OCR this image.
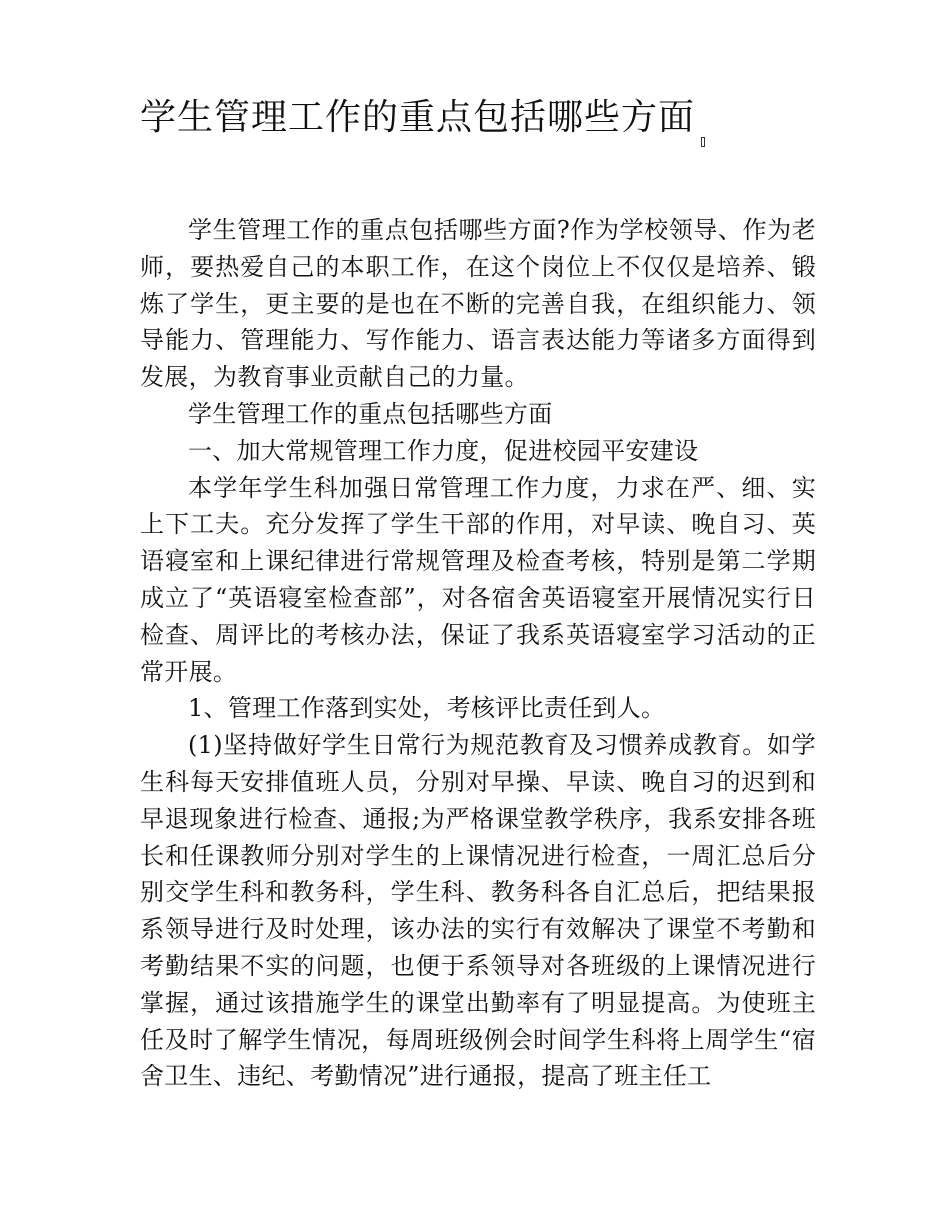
学生管理工作的重点包括哪些方面

学生管理工作的重点包括哪些方面?作为学校领导、作为老师，要热爱自己的本职工作，在这个岗位上不仅仅是培养、锻炼了学生，更主要的是也在不断的完善自我，在组织能力、领导能力、管理能力、写作能力、语言表达能力等诸多方面得到发展，为教育事业贡献自己的力量。

学生管理工作的重点包括哪些方面

一、加大常规管理工作力度，促进校园平安建设

本学年学生科加强日常管理工作力度，力求在严、细、实上下工夫。充分发挥了学生干部的作用，对早读、晚自习、英语寝室和上课纪律进行常规管理及检查考核，特别是第二学期成立了“英语寝室检查部”，对各宿舍英语寝室开展情况实行日检查、周评比的考核办法，保证了我系英语寝室学习活动的正常开展。

1、管理工作落到实处，考核评比责任到人。

(1)坚持做好学生日常行为规范教育及习惯养成教育。如学生科每天安排值班人员，分别对早操、早读、晚自习的迟到和早退现象进行检查、通报;为严格课堂教学秩序，我系安排各班长和任课教师分别对学生的上课情况进行检查，一周汇总后分别交学生科和教务科，学生科、教务科各自汇总后，把结果报系领导进行及时处理，该办法的实行有效解决了课堂不考勤和考勤结果不实的问题，也便于系领导对各班级的上课情况进行掌握，通过该措施学生的课堂出勤率有了明显提高。为使班主任及时了解学生情况，每周班级例会时间学生科将上周学生“宿舍卫生、违纪、考勤情况”进行通报，提高了班主任工
